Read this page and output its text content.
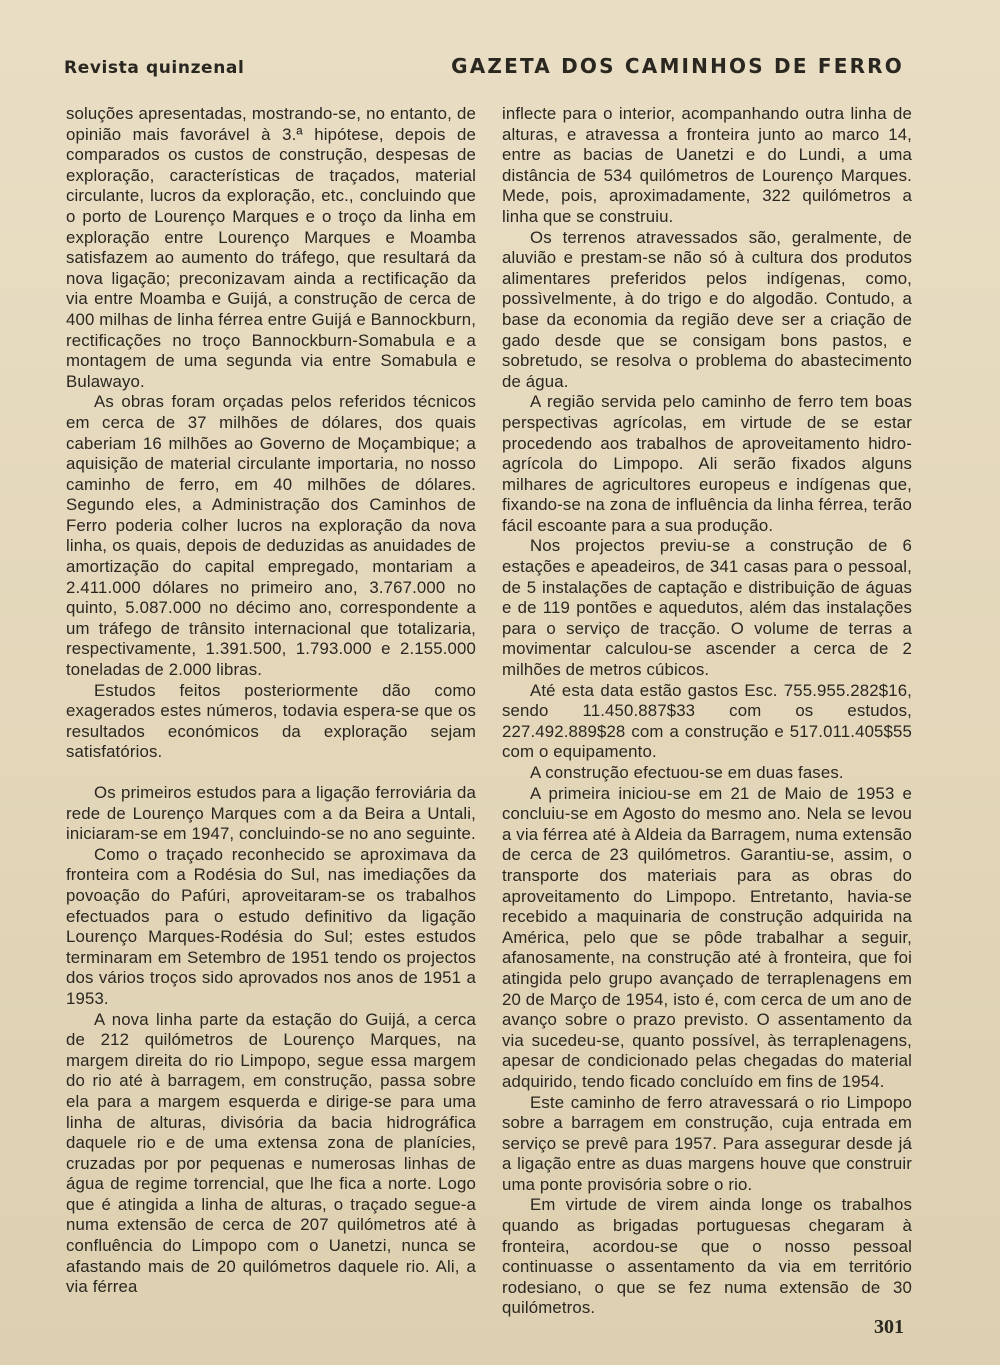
Revista quinzenal	GAZETA DOS CAMINHOS DE FERRO

soluções apresentadas, mostrando-se, no entanto, de opinião mais favorável à 3.ª hipótese, depois de comparados os custos de construção, despesas de exploração, características de traçados, material circulante, lucros da exploração, etc., concluindo que o porto de Lourenço Marques e o troço da linha em exploração entre Lourenço Marques e Moamba satisfazem ao aumento do tráfego, que resultará da nova ligação; preconizavam ainda a rectificação da via entre Moamba e Guijá, a construção de cerca de 400 milhas de linha férrea entre Guijá e Bannockburn, rectificações no troço Bannockburn-Somabula e a montagem de uma segunda via entre Somabula e Bulawayo.

As obras foram orçadas pelos referidos técnicos em cerca de 37 milhões de dólares, dos quais caberiam 16 milhões ao Governo de Moçambique; a aquisição de material circulante importaria, no nosso caminho de ferro, em 40 milhões de dólares. Segundo eles, a Administração dos Caminhos de Ferro poderia colher lucros na exploração da nova linha, os quais, depois de deduzidas as anuidades de amortização do capital empregado, montariam a 2.411.000 dólares no primeiro ano, 3.767.000 no quinto, 5.087.000 no décimo ano, correspondente a um tráfego de trânsito internacional que totalizaria, respectivamente, 1.391.500, 1.793.000 e 2.155.000 toneladas de 2.000 libras.

Estudos feitos posteriormente dão como exagerados estes números, todavia espera-se que os resultados económicos da exploração sejam satisfatórios.

Os primeiros estudos para a ligação ferroviária da rede de Lourenço Marques com a da Beira a Untali, iniciaram-se em 1947, concluindo-se no ano seguinte.

Como o traçado reconhecido se aproximava da fronteira com a Rodésia do Sul, nas imediações da povoação do Pafúri, aproveitaram-se os trabalhos efectuados para o estudo definitivo da ligação Lourenço Marques-Rodésia do Sul; estes estudos terminaram em Setembro de 1951 tendo os projectos dos vários troços sido aprovados nos anos de 1951 a 1953.

A nova linha parte da estação do Guijá, a cerca de 212 quilómetros de Lourenço Marques, na margem direita do rio Limpopo, segue essa margem do rio até à barragem, em construção, passa sobre ela para a margem esquerda e dirige-se para uma linha de alturas, divisória da bacia hidrográfica daquele rio e de uma extensa zona de planícies, cruzadas por por pequenas e numerosas linhas de água de regime torrencial, que lhe fica a norte. Logo que é atingida a linha de alturas, o traçado segue-a numa extensão de cerca de 207 quilómetros até à confluência do Limpopo com o Uanetzi, nunca se afastando mais de 20 quilómetros daquele rio. Ali, a via férrea

inflecte para o interior, acompanhando outra linha de alturas, e atravessa a fronteira junto ao marco 14, entre as bacias de Uanetzi e do Lundi, a uma distância de 534 quilómetros de Lourenço Marques. Mede, pois, aproximadamente, 322 quilómetros a linha que se construiu.

Os terrenos atravessados são, geralmente, de aluvião e prestam-se não só à cultura dos produtos alimentares preferidos pelos indígenas, como, possìvelmente, à do trigo e do algodão. Contudo, a base da economia da região deve ser a criação de gado desde que se consigam bons pastos, e sobretudo, se resolva o problema do abastecimento de água.

A região servida pelo caminho de ferro tem boas perspectivas agrícolas, em virtude de se estar procedendo aos trabalhos de aproveitamento hidro-agrícola do Limpopo. Ali serão fixados alguns milhares de agricultores europeus e indígenas que, fixando-se na zona de influência da linha férrea, terão fácil escoante para a sua produção.

Nos projectos previu-se a construção de 6 estações e apeadeiros, de 341 casas para o pessoal, de 5 instalações de captação e distribuição de águas e de 119 pontões e aquedutos, além das instalações para o serviço de tracção. O volume de terras a movimentar calculou-se ascender a cerca de 2 milhões de metros cúbicos.

Até esta data estão gastos Esc. 755.955.282$16, sendo 11.450.887$33 com os estudos, 227.492.889$28 com a construção e 517.011.405$55 com o equipamento.

A construção efectuou-se em duas fases.

A primeira iniciou-se em 21 de Maio de 1953 e concluiu-se em Agosto do mesmo ano. Nela se levou a via férrea até à Aldeia da Barragem, numa extensão de cerca de 23 quilómetros. Garantiu-se, assim, o transporte dos materiais para as obras do aproveitamento do Limpopo. Entretanto, havia-se recebido a maquinaria de construção adquirida na América, pelo que se pôde trabalhar a seguir, afanosamente, na construção até à fronteira, que foi atingida pelo grupo avançado de terraplenagens em 20 de Março de 1954, isto é, com cerca de um ano de avanço sobre o prazo previsto. O assentamento da via sucedeu-se, quanto possível, às terraplenagens, apesar de condicionado pelas chegadas do material adquirido, tendo ficado concluído em fins de 1954.

Este caminho de ferro atravessará o rio Limpopo sobre a barragem em construção, cuja entrada em serviço se prevê para 1957. Para assegurar desde já a ligação entre as duas margens houve que construir uma ponte provisória sobre o rio.

Em virtude de virem ainda longe os trabalhos quando as brigadas portuguesas chegaram à fronteira, acordou-se que o nosso pessoal continuasse o assentamento da via em território rodesiano, o que se fez numa extensão de 30 quilómetros.

301
